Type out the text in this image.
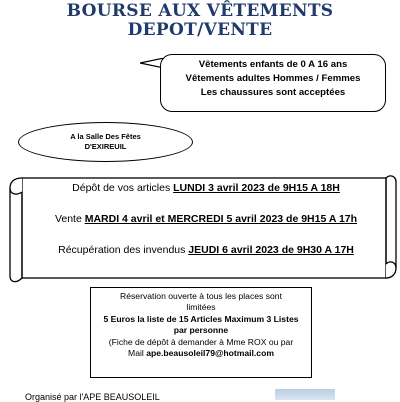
BOURSE AUX VÊTEMENTS
DEPOT/VENTE
Vêtements enfants de 0 A 16 ans
Vêtements adultes Hommes / Femmes
Les chaussures sont acceptées
A la Salle Des Fêtes
D'EXIREUIL
Dépôt de vos articles LUNDI 3 avril 2023 de 9H15 A 18H
Vente MARDI 4 avril et MERCREDI 5 avril 2023 de 9H15 A 17h
Récupération des invendus JEUDI 6 avril 2023 de 9H30 A 17H
Réservation ouverte à tous les places sont
limitées
5 Euros la liste de 15 Articles Maximum 3 Listes
par personne
(Fiche de dépôt à demander à Mme ROX ou par
Mail ape.beausoleil79@hotmail.com
Organisé par l'APE BEAUSOLEIL
